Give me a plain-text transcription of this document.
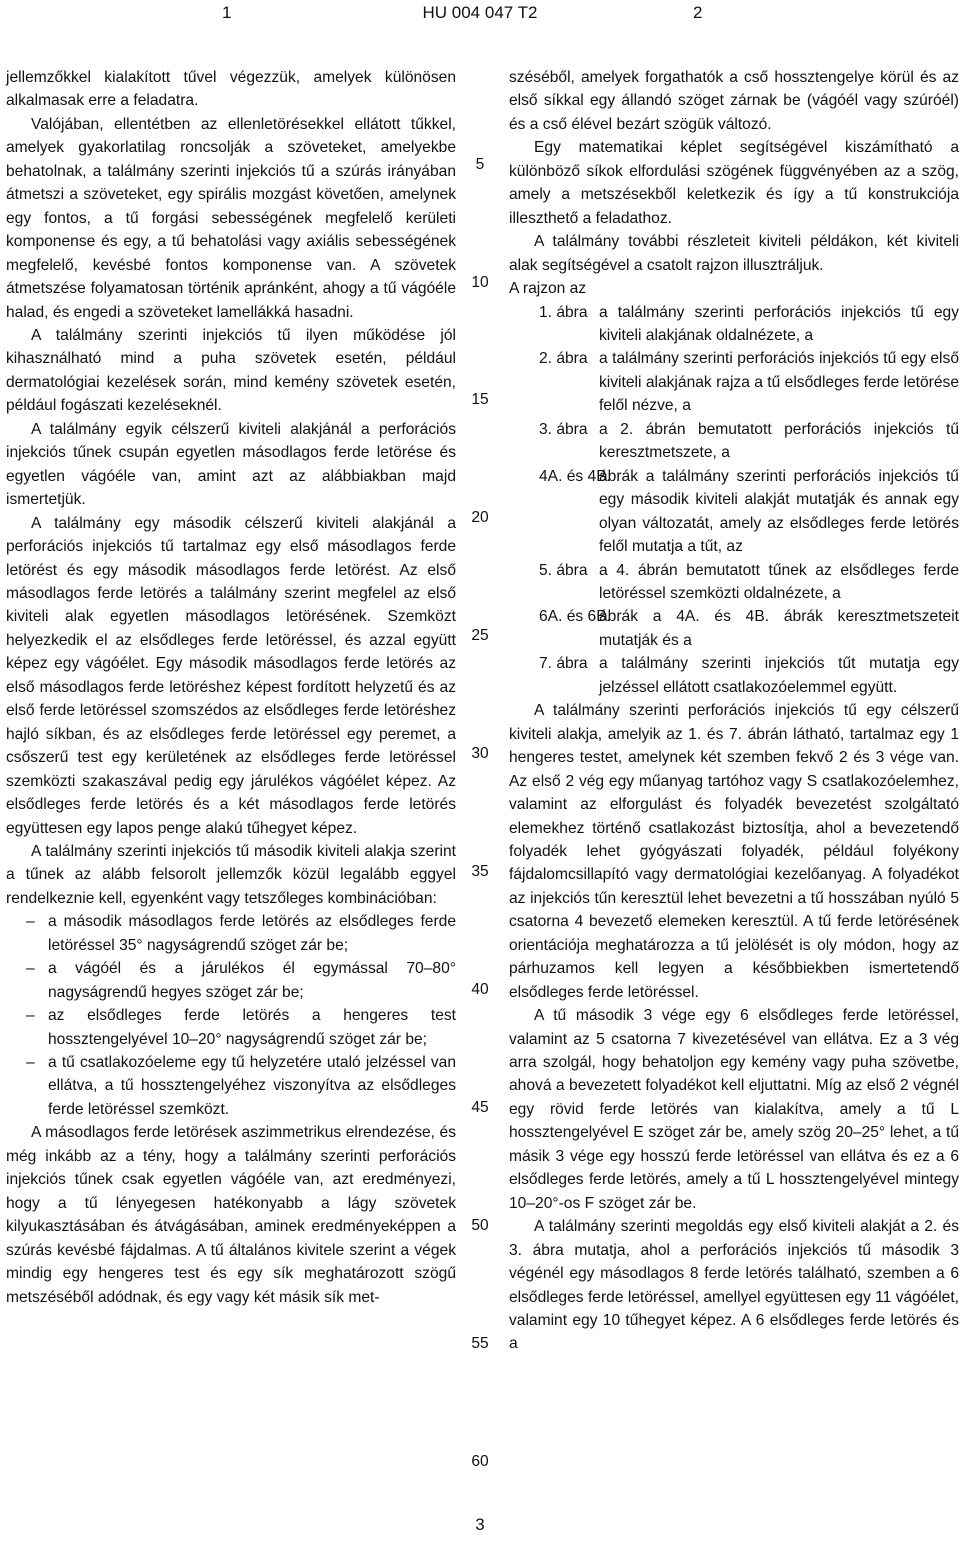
1	HU 004 047 T2	2

jellemzőkkel kialakított tűvel végezzük, amelyek különösen alkalmasak erre a feladatra.

Valójában, ellentétben az ellenletörésekkel ellátott tűkkel, amelyek gyakorlatilag roncsolják a szöveteket, amelyekbe behatolnak, a találmány szerinti injekciós tű a szúrás irányában átmetszi a szöveteket, egy spirális mozgást követően, amelynek egy fontos, a tű forgási sebességének megfelelő kerületi komponense és egy, a tű behatolási vagy axiális sebességének megfelelő, kevésbé fontos komponense van. A szövetek átmetszése folyamatosan történik apránként, ahogy a tű vágóéle halad, és engedi a szöveteket lamellákká hasadni.

A találmány szerinti injekciós tű ilyen működése jól kihasználható mind a puha szövetek esetén, például dermatológiai kezelések során, mind kemény szövetek esetén, például fogászati kezeléseknél.

A találmány egyik célszerű kiviteli alakjánál a perforációs injekciós tűnek csupán egyetlen másodlagos ferde letörése és egyetlen vágóéle van, amint azt az alábbiakban majd ismertetjük.

A találmány egy második célszerű kiviteli alakjánál a perforációs injekciós tű tartalmaz egy első másodlagos ferde letörést és egy második másodlagos ferde letörést. Az első másodlagos ferde letörés a találmány szerint megfelel az első kiviteli alak egyetlen másodlagos letörésének. Szemközt helyezkedik el az elsődleges ferde letöréssel, és azzal együtt képez egy vágóélet. Egy második másodlagos ferde letörés az első másodlagos ferde letöréshez képest fordított helyzetű és az első ferde letöréssel szomszédos az elsődleges ferde letöréshez hajló síkban, és az elsődleges ferde letöréssel egy peremet, a csőszerű test egy kerületének az elsődleges ferde letöréssel szemközti szakaszával pedig egy járulékos vágóélet képez. Az elsődleges ferde letörés és a két másodlagos ferde letörés együttesen egy lapos penge alakú tűhegyet képez.

A találmány szerinti injekciós tű második kiviteli alakja szerint a tűnek az alább felsorolt jellemzők közül legalább eggyel rendelkeznie kell, egyenként vagy tetszőleges kombinációban:

– a második másodlagos ferde letörés az elsődleges ferde letöréssel 35° nagyságrendű szöget zár be;

– a vágóél és a járulékos él egymással 70–80° nagyságrendű hegyes szöget zár be;

– az elsődleges ferde letörés a hengeres test hossztengelyével 10–20° nagyságrendű szöget zár be;

– a tű csatlakozóeleme egy tű helyzetére utaló jelzéssel van ellátva, a tű hossztengelyéhez viszonyítva az elsődleges ferde letöréssel szemközt.

A másodlagos ferde letörések aszimmetrikus elrendezése, és még inkább az a tény, hogy a találmány szerinti perforációs injekciós tűnek csak egyetlen vágóéle van, azt eredményezi, hogy a tű lényegesen hatékonyabb a lágy szövetek kilyukasztásában és átvágásában, aminek eredményeképpen a szúrás kevésbé fájdalmas. A tű általános kivitele szerint a végek mindig egy hengeres test és egy sík meghatározott szögű metszéséből adódnak, és egy vagy két másik sík met-

5
10
15
20
25
30
35
40
45
50
55
60

széséből, amelyek forgathatók a cső hossztengelye körül és az első síkkal egy állandó szöget zárnak be (vágóél vagy szúróél) és a cső élével bezárt szögük változó.

Egy matematikai képlet segítségével kiszámítható a különböző síkok elfordulási szögének függvényében az a szög, amely a metszésekből keletkezik és így a tű konstrukciója illeszthető a feladathoz.

A találmány további részleteit kiviteli példákon, két kiviteli alak segítségével a csatolt rajzon illusztráljuk.

A rajzon az

1. ábra a találmány szerinti perforációs injekciós tű egy kiviteli alakjának oldalnézete, a

2. ábra a találmány szerinti perforációs injekciós tű egy első kiviteli alakjának rajza a tű elsődleges ferde letörése felől nézve, a

3. ábra a 2. ábrán bemutatott perforációs injekciós tű keresztmetszete, a

4A. és 4B.
ábrák a találmány szerinti perforációs injekciós tű egy második kiviteli alakját mutatják és annak egy olyan változatát, amely az elsődleges ferde letörés felől mutatja a tűt, az

5. ábra a 4. ábrán bemutatott tűnek az elsődleges ferde letöréssel szemközti oldalnézete, a

6A. és 6B.
ábrák a 4A. és 4B. ábrák keresztmetszeteit mutatják és a

7. ábra a találmány szerinti injekciós tűt mutatja egy jelzéssel ellátott csatlakozóelemmel együtt.

A találmány szerinti perforációs injekciós tű egy célszerű kiviteli alakja, amelyik az 1. és 7. ábrán látható, tartalmaz egy 1 hengeres testet, amelynek két szemben fekvő 2 és 3 vége van. Az első 2 vég egy műanyag tartóhoz vagy S csatlakozóelemhez, valamint az elforgulást és folyadék bevezetést szolgáltató elemekhez történő csatlakozást biztosítja, ahol a bevezetendő folyadék lehet gyógyászati folyadék, például folyékony fájdalomcsillapító vagy dermatológiai kezelőanyag. A folyadékot az injekciós tűn keresztül lehet bevezetni a tű hosszában nyúló 5 csatorna 4 bevezető elemeken keresztül. A tű ferde letörésének orientációja meghatározza a tű jelölését is oly módon, hogy az párhuzamos kell legyen a későbbiekben ismertetendő elsődleges ferde letöréssel.

A tű második 3 vége egy 6 elsődleges ferde letöréssel, valamint az 5 csatorna 7 kivezetésével van ellátva. Ez a 3 vég arra szolgál, hogy behatoljon egy kemény vagy puha szövetbe, ahová a bevezetett folyadékot kell eljuttatni. Míg az első 2 végnél egy rövid ferde letörés van kialakítva, amely a tű L hossztengelyével E szöget zár be, amely szög 20–25° lehet, a tű másik 3 vége egy hosszú ferde letöréssel van ellátva és ez a 6 elsődleges ferde letörés, amely a tű L hossztengelyével mintegy 10–20°-os F szöget zár be.

A találmány szerinti megoldás egy első kiviteli alakját a 2. és 3. ábra mutatja, ahol a perforációs injekciós tű második 3 végénél egy másodlagos 8 ferde letörés található, szemben a 6 elsődleges ferde letöréssel, amellyel együttesen egy 11 vágóélet, valamint egy 10 tűhegyet képez. A 6 elsődleges ferde letörés és a

3
